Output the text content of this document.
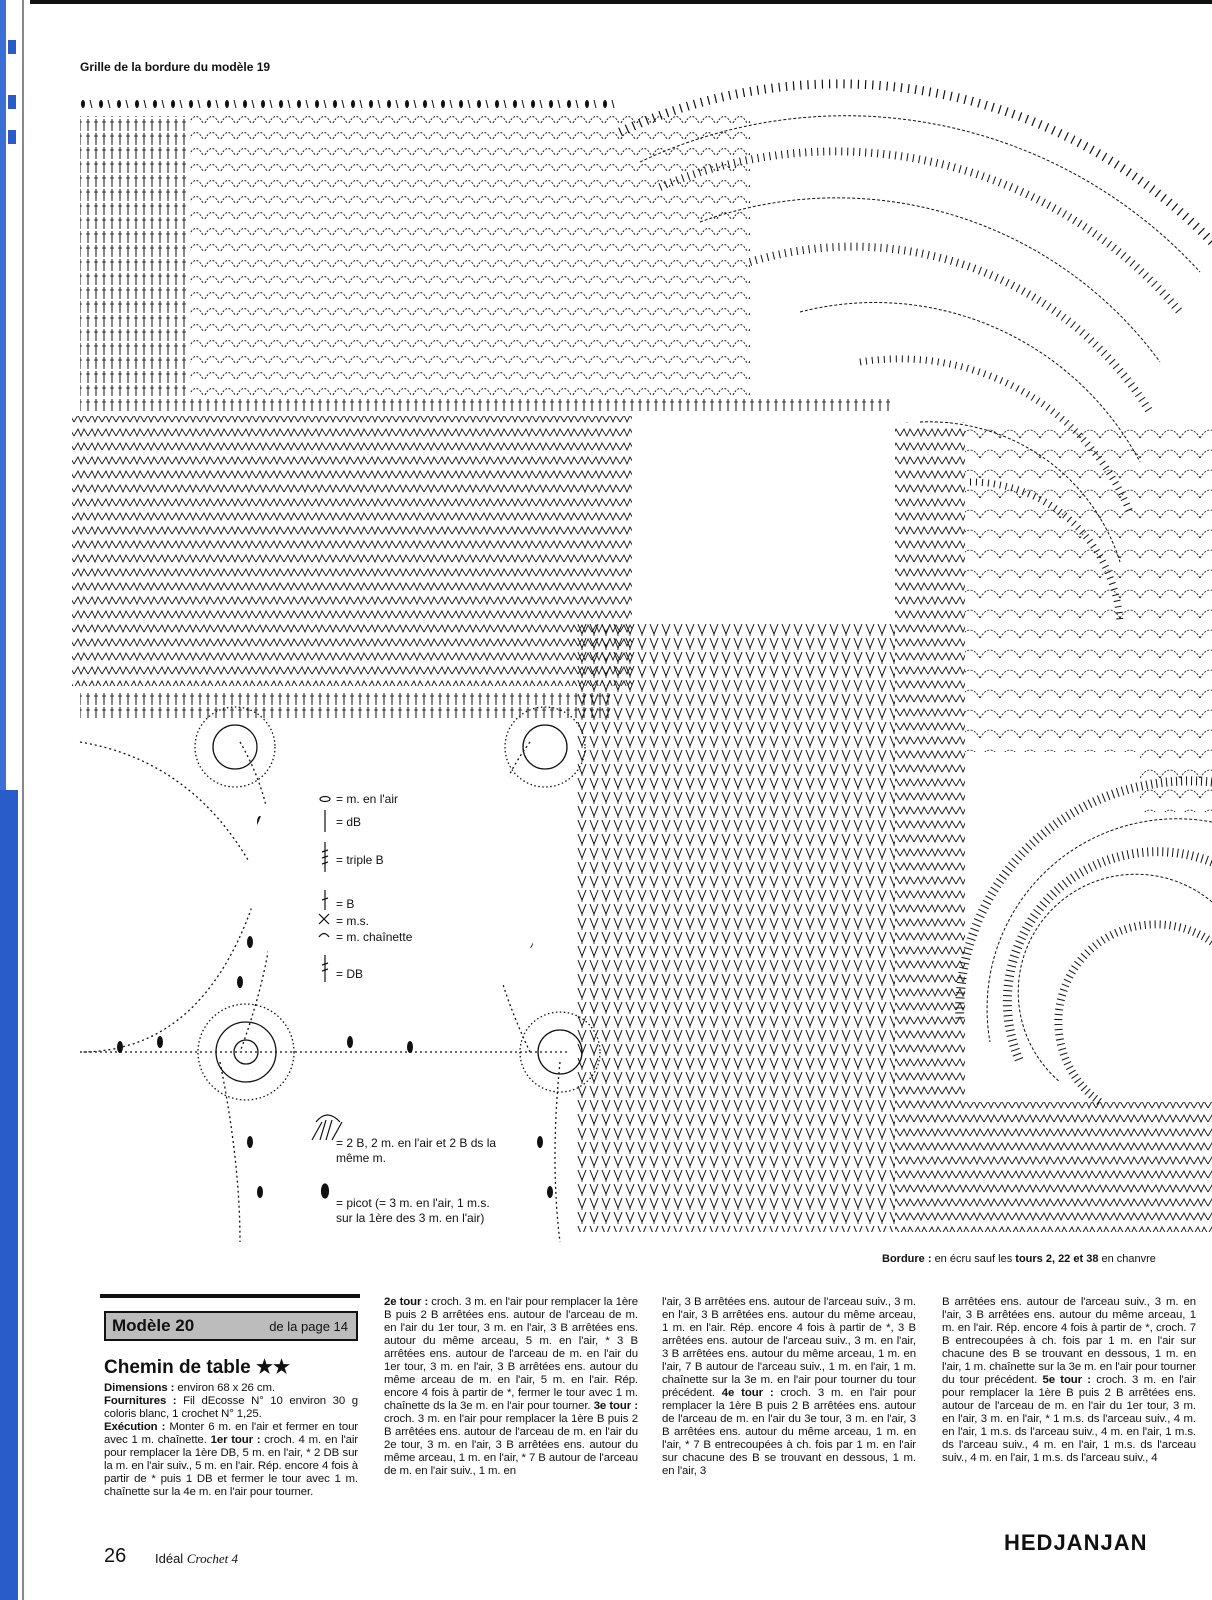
Grille de la bordure du modèle 19
= m. en l'air
= dB
= triple B
= B
= m.s.
= m. chaînette
= DB
= 2 B, 2 m. en l'air et 2 B ds la
même m.
= picot (= 3 m. en l'air, 1 m.s.
sur la 1ère des 3 m. en l'air)
Bordure : en écru sauf les tours 2, 22 et 38 en chanvre
Modèle 20	de la page 14
Chemin de table ★★
Dimensions : environ 68 x 26 cm.
Fournitures : Fil dEcosse N° 10 environ 30 g coloris blanc, 1 crochet N° 1,25.
Exécution : Monter 6 m. en l'air et fermer en tour avec 1 m. chaînette. 1er tour : croch. 4 m. en l'air pour remplacer la 1ère DB, 5 m. en l'air, * 2 DB sur la m. en l'air suiv., 5 m. en l'air. Rép. encore 4 fois à partir de * puis 1 DB et fermer le tour avec 1 m. chaînette sur la 4e m. en l'air pour tourner.
2e tour : croch. 3 m. en l'air pour remplacer la 1ère B puis 2 B arrêtées ens. autour de l'arceau de m. en l'air du 1er tour, 3 m. en l'air, 3 B arrêtées ens. autour du même arceau, 5 m. en l'air, * 3 B arrêtées ens. autour de l'arceau de m. en l'air du 1er tour, 3 m. en l'air, 3 B arrêtées ens. autour du même arceau de m. en l'air, 5 m. en l'air. Rép. encore 4 fois à partir de *, fermer le tour avec 1 m. chaînette ds la 3e m. en l'air pour tourner. 3e tour : croch. 3 m. en l'air pour remplacer la 1ère B puis 2 B arrêtées ens. autour de l'arceau de m. en l'air du 2e tour, 3 m. en l'air, 3 B arrêtées ens. autour du même arceau, 1 m. en l'air, * 7 B autour de l'arceau de m. en l'air suiv., 1 m. en
l'air, 3 B arrêtées ens. autour de l'arceau suiv., 3 m. en l'air, 3 B arrêtées ens. autour du même arceau, 1 m. en l'air. Rép. encore 4 fois à partir de *, 3 B arrêtées ens. autour de l'arceau suiv., 3 m. en l'air, 3 B arrêtées ens. autour du même arceau, 1 m. en l'air, 7 B autour de l'arceau suiv., 1 m. en l'air, 1 m. chaînette sur la 3e m. en l'air pour tourner du tour précédent. 4e tour : croch. 3 m. en l'air pour remplacer la 1ère B puis 2 B arrêtées ens. autour de l'arceau de m. en l'air du 3e tour, 3 m. en l'air, 3 B arrêtées ens. autour du même arceau, 1 m. en l'air, * 7 B entrecoupées à ch. fois par 1 m. en l'air sur chacune des B se trouvant en dessous, 1 m. en l'air, 3
B arrêtées ens. autour de l'arceau suiv., 3 m. en l'air, 3 B arrêtées ens. autour du même arceau, 1 m. en l'air. Rép. encore 4 fois à partir de *, croch. 7 B entrecoupées à ch. fois par 1 m. en l'air sur chacune des B se trouvant en dessous, 1 m. en l'air, 1 m. chaînette sur la 3e m. en l'air pour tourner du tour précédent. 5e tour : croch. 3 m. en l'air pour remplacer la 1ère B puis 2 B arrêtées ens. autour de l'arceau de m. en l'air du 1er tour, 3 m. en l'air, 3 m. en l'air, * 1 m.s. ds l'arceau suiv., 4 m. en l'air, 1 m.s. ds l'arceau suiv., 4 m. en l'air, 1 m.s. ds l'arceau suiv., 4 m. en l'air, 1 m.s. ds l'arceau suiv., 4 m. en l'air, 1 m.s. ds l'arceau suiv., 4
26 Idéal Crochet 4
HEDJANJAN
